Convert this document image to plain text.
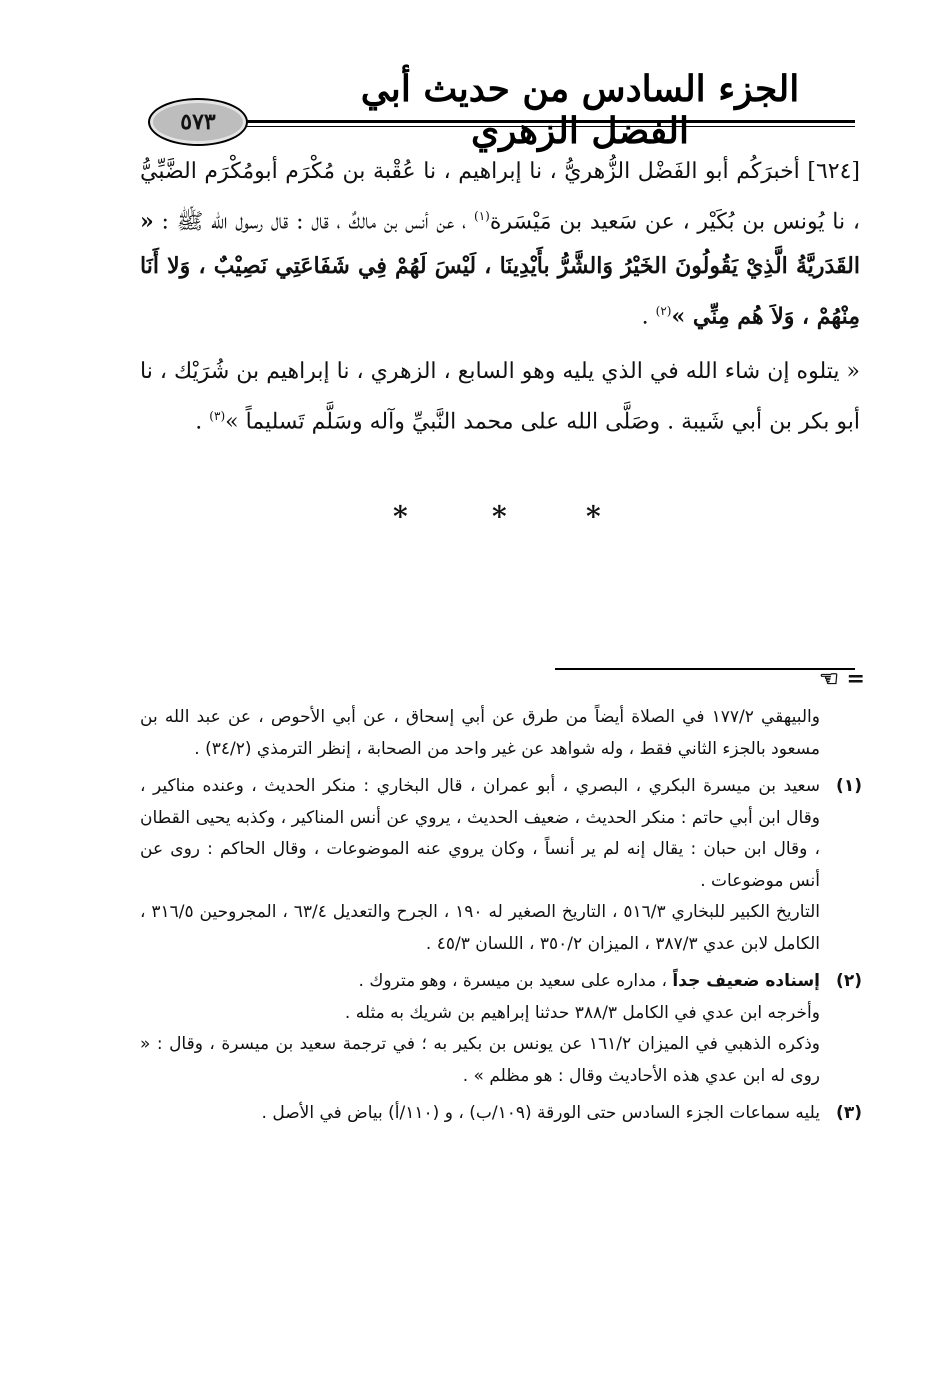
الجزء السادس من حديث أبي الفضل الزهري
٥٧٣

[٦٢٤] أخبرَكُم أبو الفَضْل الزُّهريُّ ، نا إبراهيم ، نا عُقْبة بن مُكْرَم أبومُكْرَم الضَّبِّيُّ ، نا يُونس بن بُكَيْر ، عن سَعيد بن مَيْسَرة$^{(١)}$ ، عن أنس بن مالكٌ ، قال : قال رسول الله ﷺ : « القَدَريَّةُ الَّذِيْ يَقُولُونَ الخَيْرُ وَالشَّرُّ بأَيْدِينَا ، لَيْسَ لَهُمْ فِي شَفَاعَتِي نَصِيْبٌ ، وَلا أَنَا مِنْهُمْ ، وَلاَ هُم مِنِّي »$^{(٢)}$ .

« يتلوه إن شاء الله في الذي يليه وهو السابع ، الزهري ، نا إبراهيم بن شُرَيْك ، نا أبو بكر بن أبي شَيبة . وصَلَّى الله على محمد النَّبيِّ وآله وسَلَّم تَسليماً »$^{(٣)}$ .

*	*	*
= ☜

والبيهقي ١٧٧/٢ في الصلاة أيضاً من طرق عن أبي إسحاق ، عن أبي الأحوص ، عن عبد الله بن مسعود بالجزء الثاني فقط ، وله شواهد عن غير واحد من الصحابة ، إنظر الترمذي (٣٤/٢) .

(١)

سعيد بن ميسرة البكري ، البصري ، أبو عمران ، قال البخاري : منكر الحديث ، وعنده مناكير ، وقال ابن أبي حاتم : منكر الحديث ، ضعيف الحديث ، يروي عن أنس المناكير ، وكذبه يحيى القطان ، وقال ابن حبان : يقال إنه لم ير أنساً ، وكان يروي عنه الموضوعات ، وقال الحاكم : روى عن أنس موضوعات .

التاريخ الكبير للبخاري ٥١٦/٣ ، التاريخ الصغير له ١٩٠ ، الجرح والتعديل ٦٣/٤ ، المجروحين ٣١٦/٥ ، الكامل لابن عدي ٣٨٧/٣ ، الميزان ٣٥٠/٢ ، اللسان ٤٥/٣ .

(٢)

إسناده ضعيف جداً ، مداره على سعيد بن ميسرة ، وهو متروك .

وأخرجه ابن عدي في الكامل ٣٨٨/٣ حدثنا إبراهيم بن شريك به مثله .

وذكره الذهبي في الميزان ١٦١/٢ عن يونس بن بكير به ؛ في ترجمة سعيد بن ميسرة ، وقال : « روى له ابن عدي هذه الأحاديث وقال : هو مظلم » .

(٣)

يليه سماعات الجزء السادس حتى الورقة (١٠٩/ب) ، و (١١٠/أ) بياض في الأصل .
